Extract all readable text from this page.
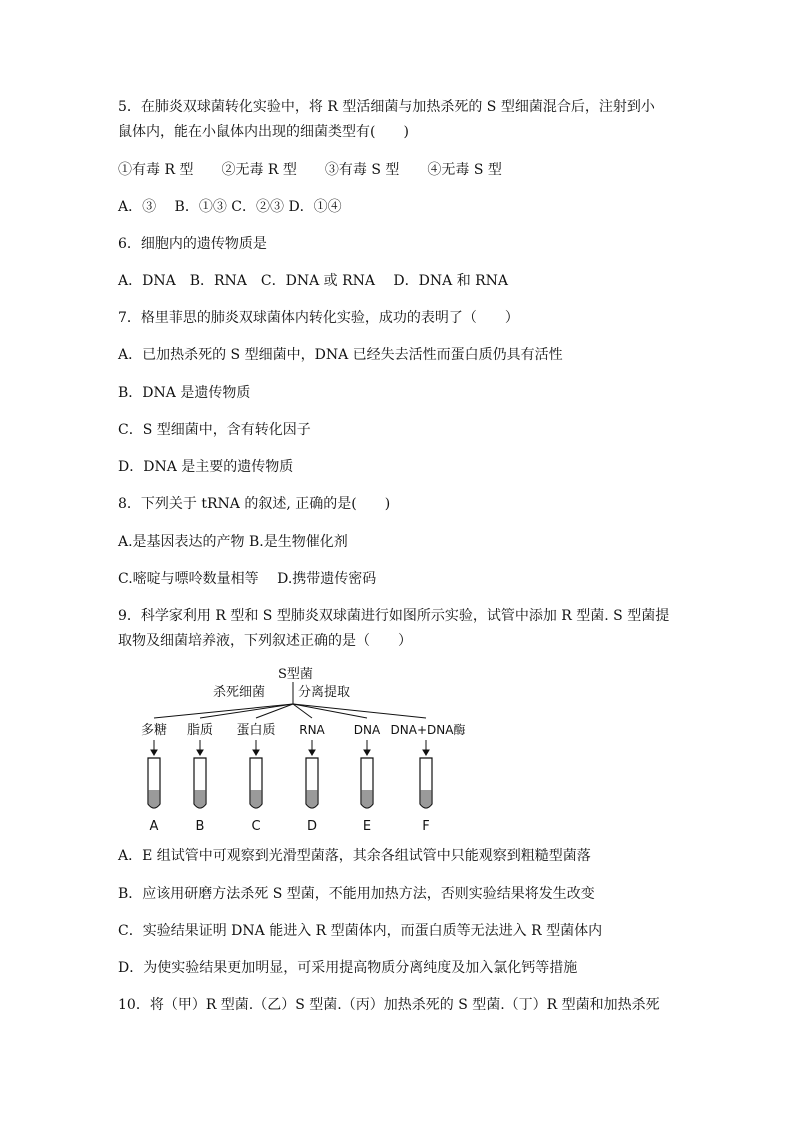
5．在肺炎双球菌转化实验中，将 R 型活细菌与加热杀死的 S 型细菌混合后，注射到小
鼠体内，能在小鼠体内出现的细菌类型有(　　)
①有毒 R 型　　②无毒 R 型　　③有毒 S 型　　④无毒 S 型
A．③　 B．①③ C．②③ D．①④
6．细胞内的遗传物质是
A．DNA　B．RNA　C．DNA 或 RNA　 D．DNA 和 RNA
7．格里菲思的肺炎双球菌体内转化实验，成功的表明了（　　）
A．已加热杀死的 S 型细菌中，DNA 已经失去活性而蛋白质仍具有活性
B．DNA 是遗传物质
C．S 型细菌中，含有转化因子
D．DNA 是主要的遗传物质
8．下列关于 tRNA 的叙述, 正确的是(　　)
A.是基因表达的产物 B.是生物催化剂
C.嘧啶与嘌呤数量相等　 D.携带遗传密码
9．科学家利用 R 型和 S 型肺炎双球菌进行如图所示实验，试管中添加 R 型菌. S 型菌提
取物及细菌培养液，下列叙述正确的是（　　）
S型菌
杀死细菌	分离提取
多糖 脂质 蛋白质 RNA DNA DNA+DNA酶
A	B	C	D	E	F
A．E 组试管中可观察到光滑型菌落，其余各组试管中只能观察到粗糙型菌落
B．应该用研磨方法杀死 S 型菌，不能用加热方法，否则实验结果将发生改变
C．实验结果证明 DNA 能进入 R 型菌体内，而蛋白质等无法进入 R 型菌体内
D．为使实验结果更加明显，可采用提高物质分离纯度及加入氯化钙等措施
10．将（甲）R 型菌.（乙）S 型菌.（丙）加热杀死的 S 型菌.（丁）R 型菌和加热杀死
